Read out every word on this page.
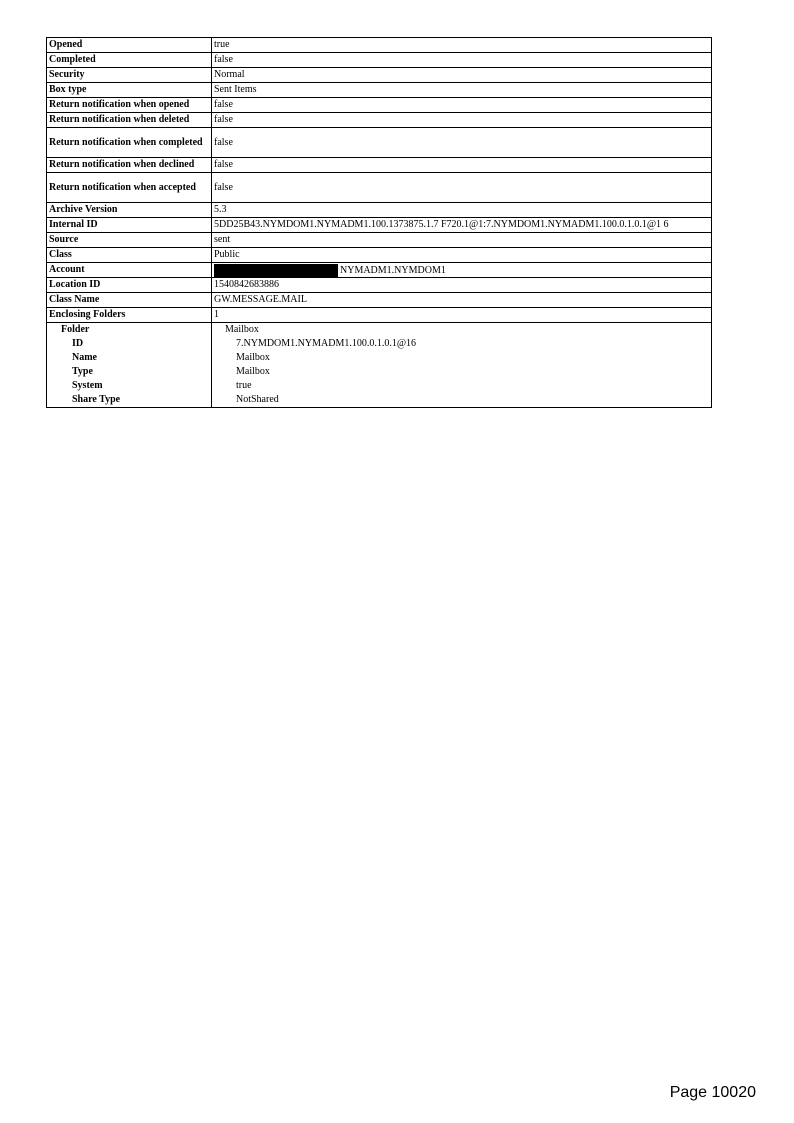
Opened	true
Completed	false
Security	Normal
Box type	Sent Items
Return notification when opened	false
Return notification when deleted	false
Return notification when completed	false
Return notification when declined	false
Return notification when accepted	false
Archive Version	5.3
Internal ID	5DD25B43.NYMDOM1.NYMADM1.100.1373875.1.7 F720.1@1:7.NYMDOM1.NYMADM1.100.0.1.0.1@1 6
Source	sent
Class	Public
Account	NYMADM1.NYMDOM1
Location ID	1540842683886
Class Name	GW.MESSAGE.MAIL
Enclosing Folders	1
Folder	Mailbox
ID	7.NYMDOM1.NYMADM1.100.0.1.0.1@16
Name	Mailbox
Type	Mailbox
System	true
Share Type	NotShared
Page 10020
